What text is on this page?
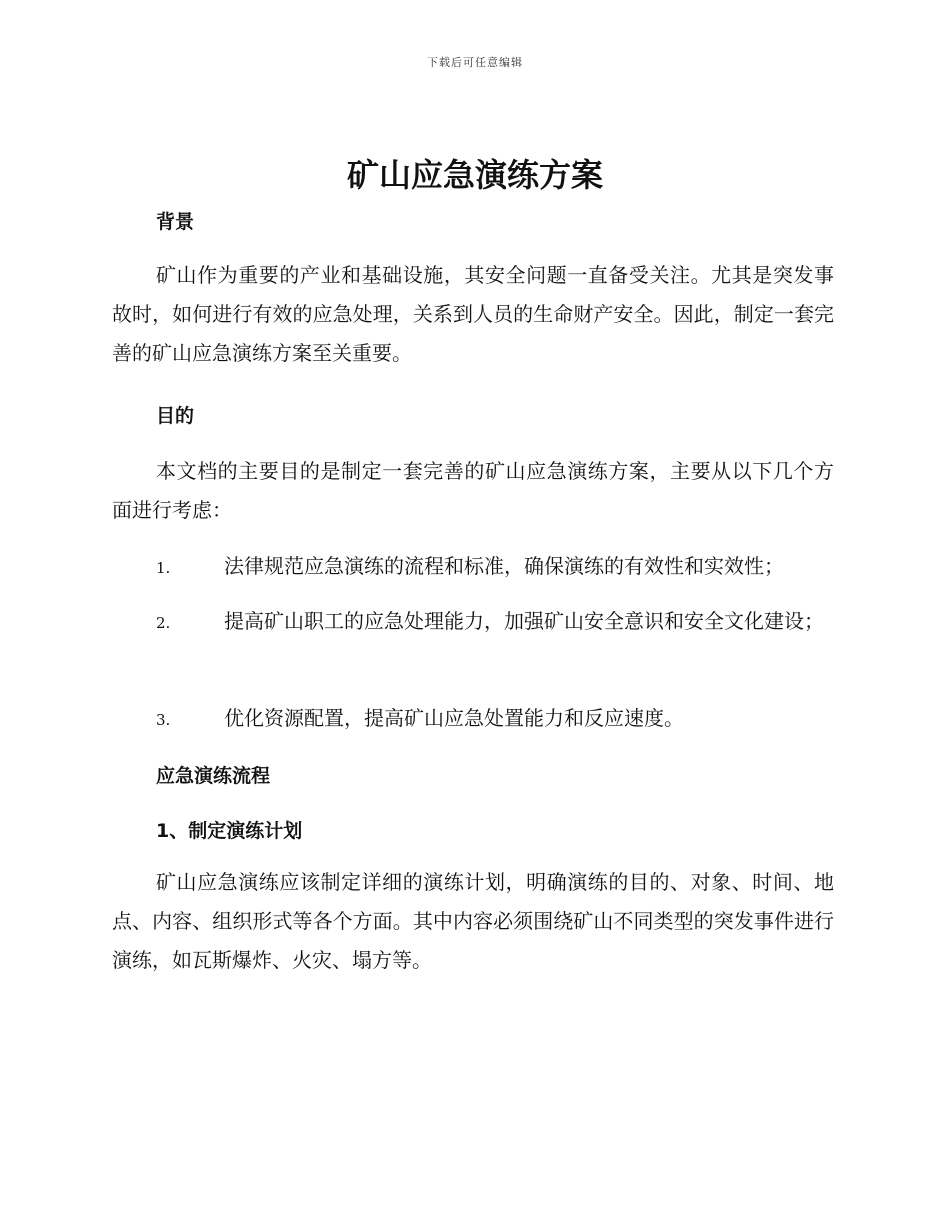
下载后可任意编辑
矿山应急演练方案
背景

矿山作为重要的产业和基础设施，其安全问题一直备受关注。尤其是突发事故时，如何进行有效的应急处理，关系到人员的生命财产安全。因此，制定一套完善的矿山应急演练方案至关重要。

目的

本文档的主要目的是制定一套完善的矿山应急演练方案，主要从以下几个方面进行考虑：

1.	法律规范应急演练的流程和标准，确保演练的有效性和实效性；

2.	提高矿山职工的应急处理能力，加强矿山安全意识和安全文化建设；

3.	优化资源配置，提高矿山应急处置能力和反应速度。

应急演练流程
1、制定演练计划

矿山应急演练应该制定详细的演练计划，明确演练的目的、对象、时间、地点、内容、组织形式等各个方面。其中内容必须围绕矿山不同类型的突发事件进行演练，如瓦斯爆炸、火灾、塌方等。
